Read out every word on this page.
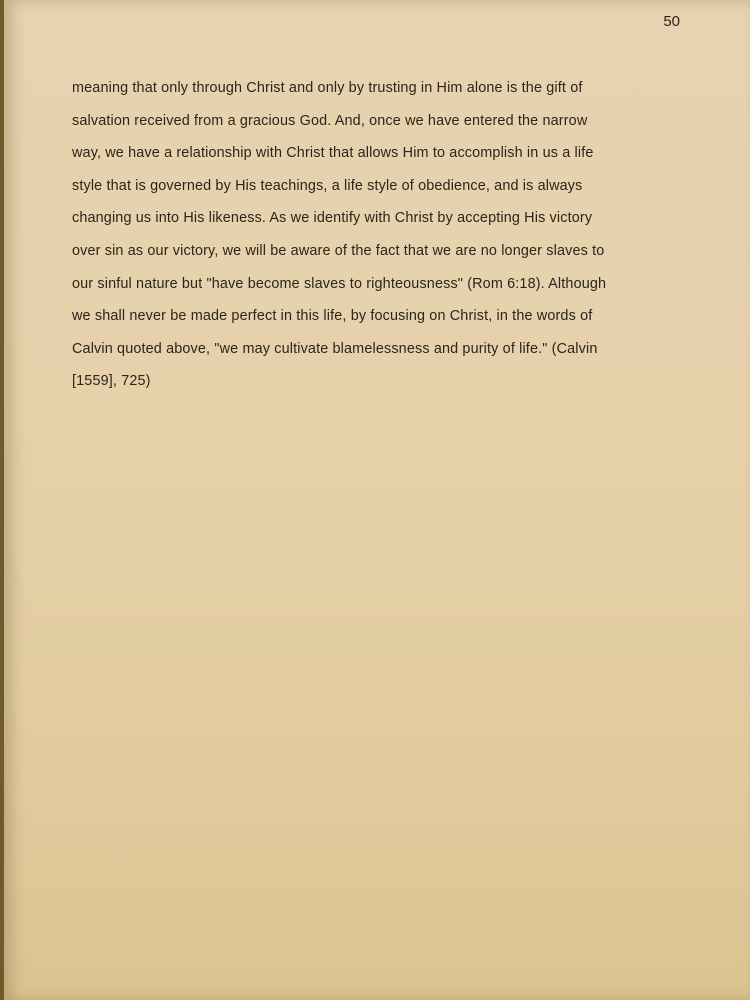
50

meaning that only through Christ and only by trusting in Him alone is the gift of
salvation received from a gracious God. And, once we have entered the narrow
way, we have a relationship with Christ that allows Him to accomplish in us a life
style that is governed by His teachings, a life style of obedience, and is always
changing us into His likeness. As we identify with Christ by accepting His victory
over sin as our victory, we will be aware of the fact that we are no longer slaves to
our sinful nature but "have become slaves to righteousness" (Rom 6:18). Although
we shall never be made perfect in this life, by focusing on Christ, in the words of
Calvin quoted above, "we may cultivate blamelessness and purity of life." (Calvin
[1559], 725)
